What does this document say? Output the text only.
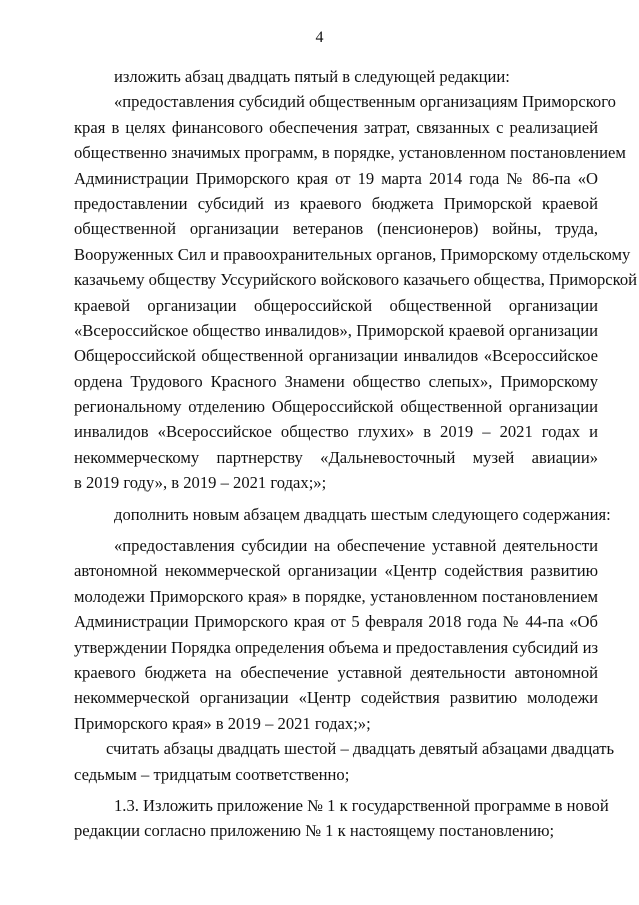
4
изложить абзац двадцать пятый в следующей редакции:
«предоставления субсидий общественным организациям Приморского
края в целях финансового обеспечения затрат, связанных с реализацией
общественно значимых программ, в порядке, установленном постановлением
Администрации Приморского края от 19 марта 2014 года № 86-па «О
предоставлении субсидий из краевого бюджета Приморской краевой
общественной организации ветеранов (пенсионеров) войны, труда,
Вооруженных Сил и правоохранительных органов, Приморскому отдельскому
казачьему обществу Уссурийского войскового казачьего общества, Приморской
краевой организации общероссийской общественной организации
«Всероссийское общество инвалидов», Приморской краевой организации
Общероссийской общественной организации инвалидов «Всероссийское
ордена Трудового Красного Знамени общество слепых», Приморскому
региональному отделению Общероссийской общественной организации
инвалидов «Всероссийское общество глухих» в 2019 – 2021 годах и
некоммерческому партнерству «Дальневосточный музей авиации»
в 2019 году», в 2019 – 2021 годах;»;
дополнить новым абзацем двадцать шестым следующего содержания:
«предоставления субсидии на обеспечение уставной деятельности
автономной некоммерческой организации «Центр содействия развитию
молодежи Приморского края» в порядке, установленном постановлением
Администрации Приморского края от 5 февраля 2018 года № 44-па «Об
утверждении Порядка определения объема и предоставления субсидий из
краевого бюджета на обеспечение уставной деятельности автономной
некоммерческой организации «Центр содействия развитию молодежи
Приморского края» в 2019 – 2021 годах;»;
считать абзацы двадцать шестой – двадцать девятый абзацами двадцать
седьмым – тридцатым соответственно;
1.3. Изложить приложение № 1 к государственной программе в новой
редакции согласно приложению № 1 к настоящему постановлению;
